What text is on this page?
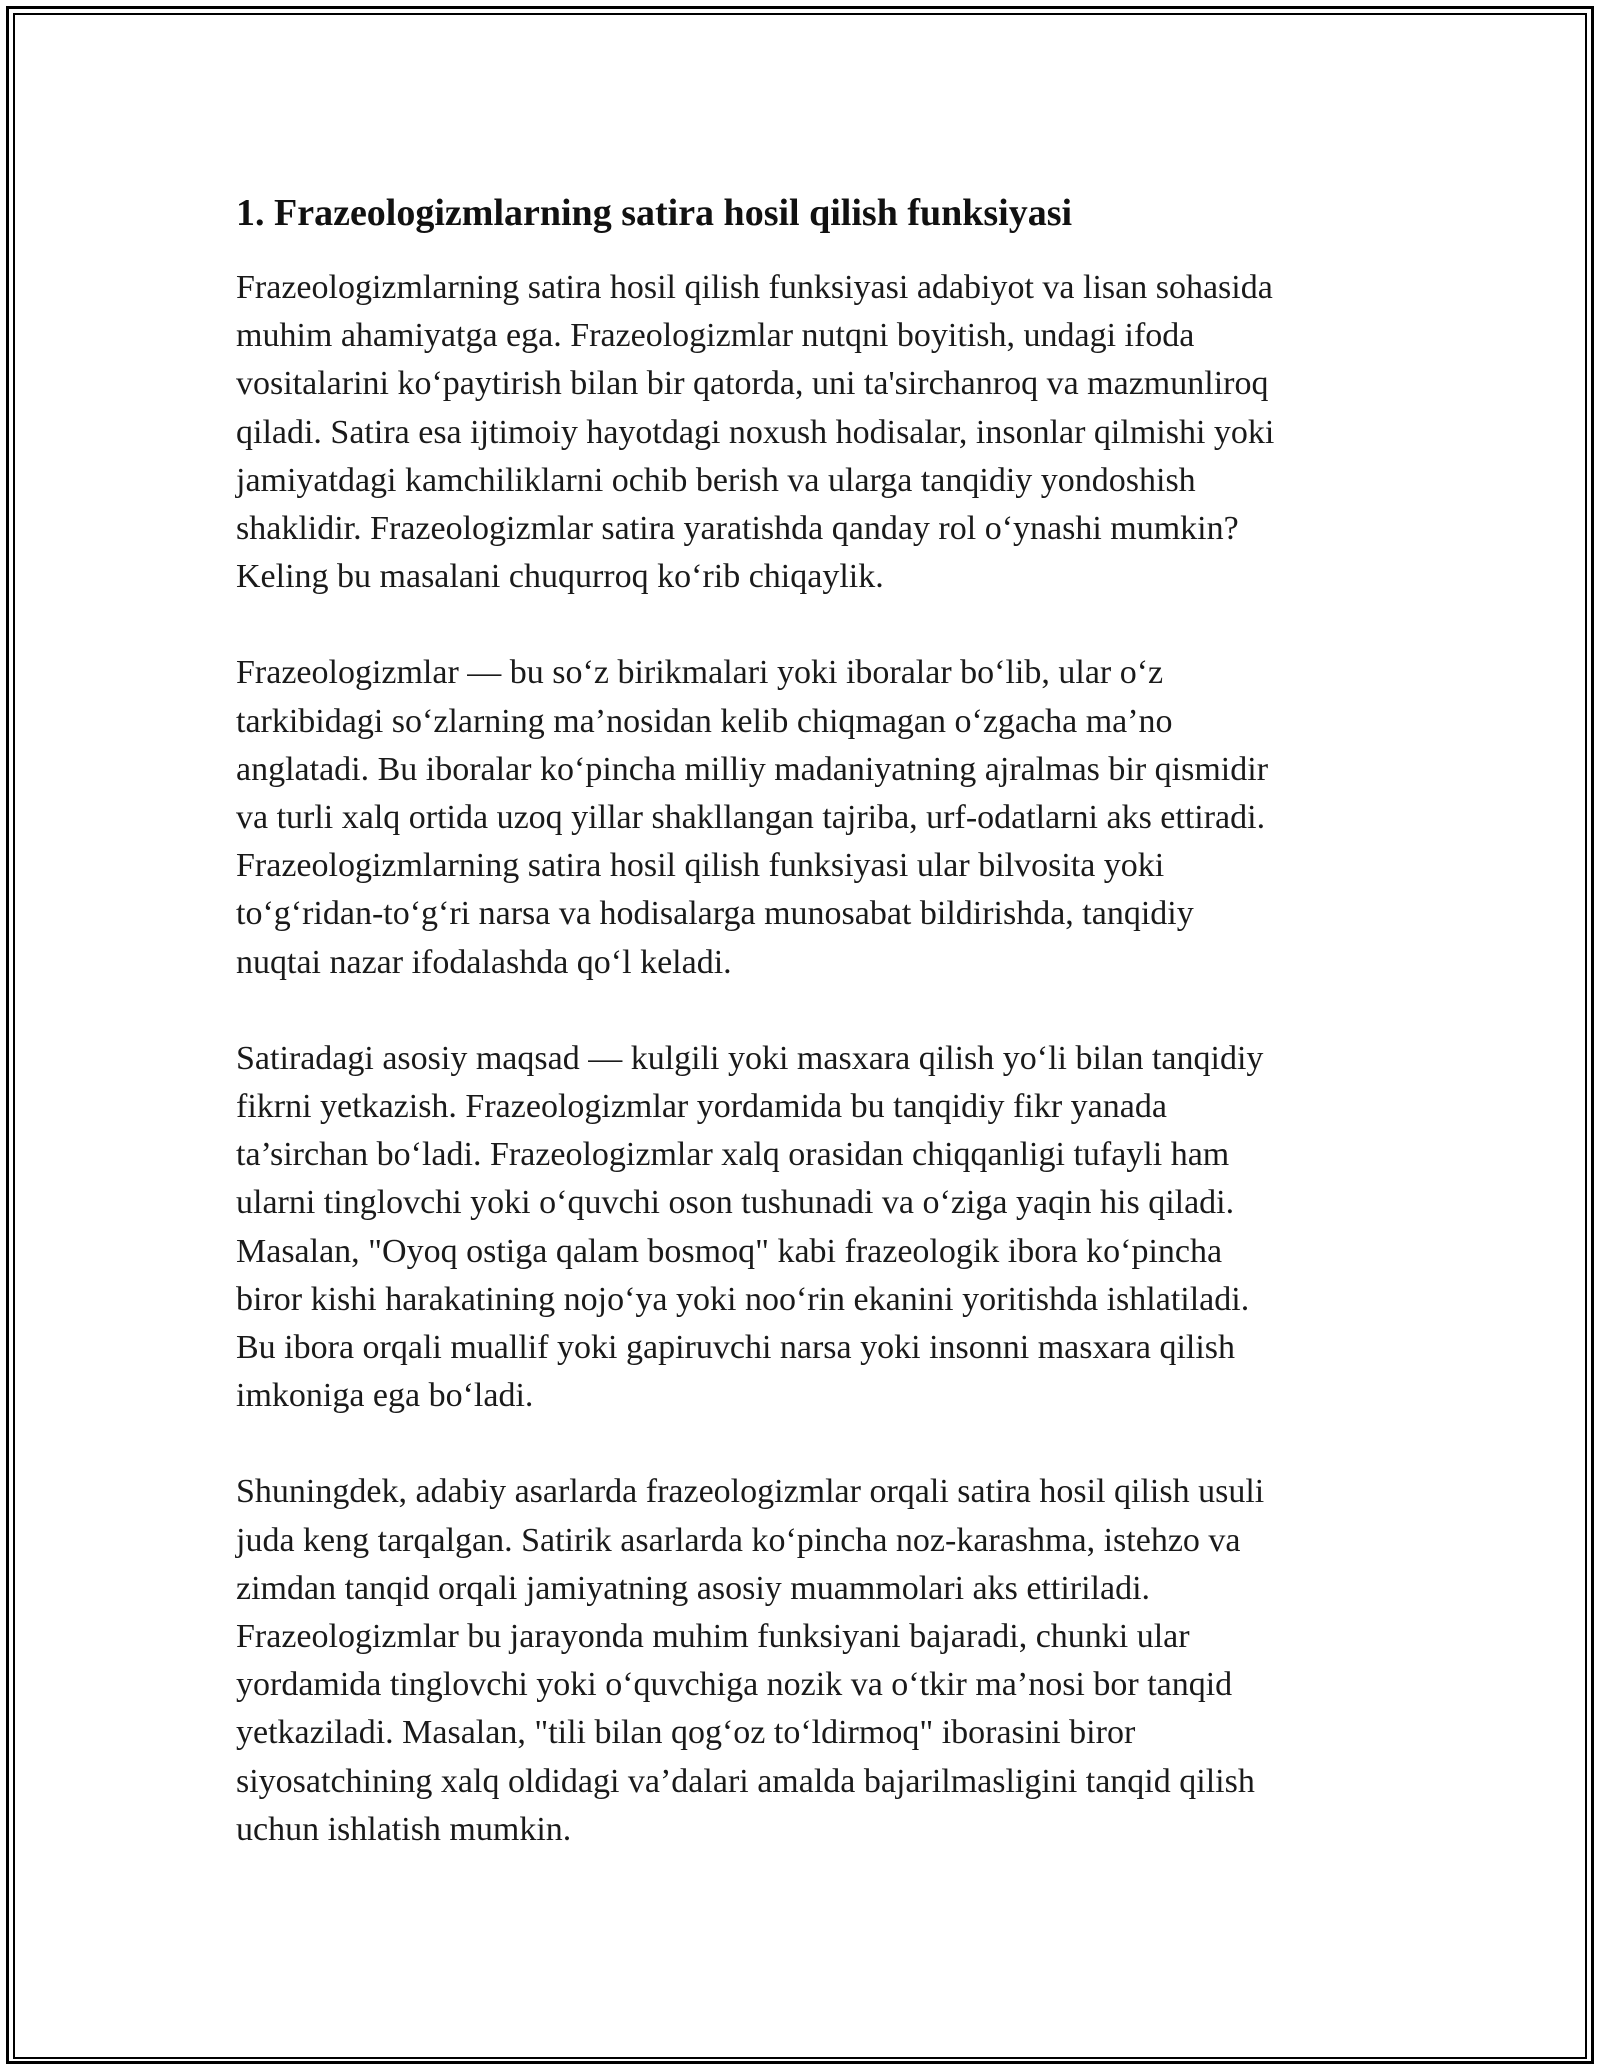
1. Frazeologizmlarning satira hosil qilish funksiyasi
Frazeologizmlarning satira hosil qilish funksiyasi adabiyot va lisan sohasida
muhim ahamiyatga ega. Frazeologizmlar nutqni boyitish, undagi ifoda
vositalarini ko‘paytirish bilan bir qatorda, uni ta'sirchanroq va mazmunliroq
qiladi. Satira esa ijtimoiy hayotdagi noxush hodisalar, insonlar qilmishi yoki
jamiyatdagi kamchiliklarni ochib berish va ularga tanqidiy yondoshish
shaklidir. Frazeologizmlar satira yaratishda qanday rol o‘ynashi mumkin?
Keling bu masalani chuqurroq ko‘rib chiqaylik.
Frazeologizmlar — bu so‘z birikmalari yoki iboralar bo‘lib, ular o‘z
tarkibidagi so‘zlarning ma’nosidan kelib chiqmagan o‘zgacha ma’no
anglatadi. Bu iboralar ko‘pincha milliy madaniyatning ajralmas bir qismidir
va turli xalq ortida uzoq yillar shakllangan tajriba, urf-odatlarni aks ettiradi.
Frazeologizmlarning satira hosil qilish funksiyasi ular bilvosita yoki
to‘g‘ridan-to‘g‘ri narsa va hodisalarga munosabat bildirishda, tanqidiy
nuqtai nazar ifodalashda qo‘l keladi.
Satiradagi asosiy maqsad — kulgili yoki masxara qilish yo‘li bilan tanqidiy
fikrni yetkazish. Frazeologizmlar yordamida bu tanqidiy fikr yanada
ta’sirchan bo‘ladi. Frazeologizmlar xalq orasidan chiqqanligi tufayli ham
ularni tinglovchi yoki o‘quvchi oson tushunadi va o‘ziga yaqin his qiladi.
Masalan, "Oyoq ostiga qalam bosmoq" kabi frazeologik ibora ko‘pincha
biror kishi harakatining nojo‘ya yoki noo‘rin ekanini yoritishda ishlatiladi.
Bu ibora orqali muallif yoki gapiruvchi narsa yoki insonni masxara qilish
imkoniga ega bo‘ladi.
Shuningdek, adabiy asarlarda frazeologizmlar orqali satira hosil qilish usuli
juda keng tarqalgan. Satirik asarlarda ko‘pincha noz-karashma, istehzo va
zimdan tanqid orqali jamiyatning asosiy muammolari aks ettiriladi.
Frazeologizmlar bu jarayonda muhim funksiyani bajaradi, chunki ular
yordamida tinglovchi yoki o‘quvchiga nozik va o‘tkir ma’nosi bor tanqid
yetkaziladi. Masalan, "tili bilan qog‘oz to‘ldirmoq" iborasini biror
siyosatchining xalq oldidagi va’dalari amalda bajarilmasligini tanqid qilish
uchun ishlatish mumkin.
